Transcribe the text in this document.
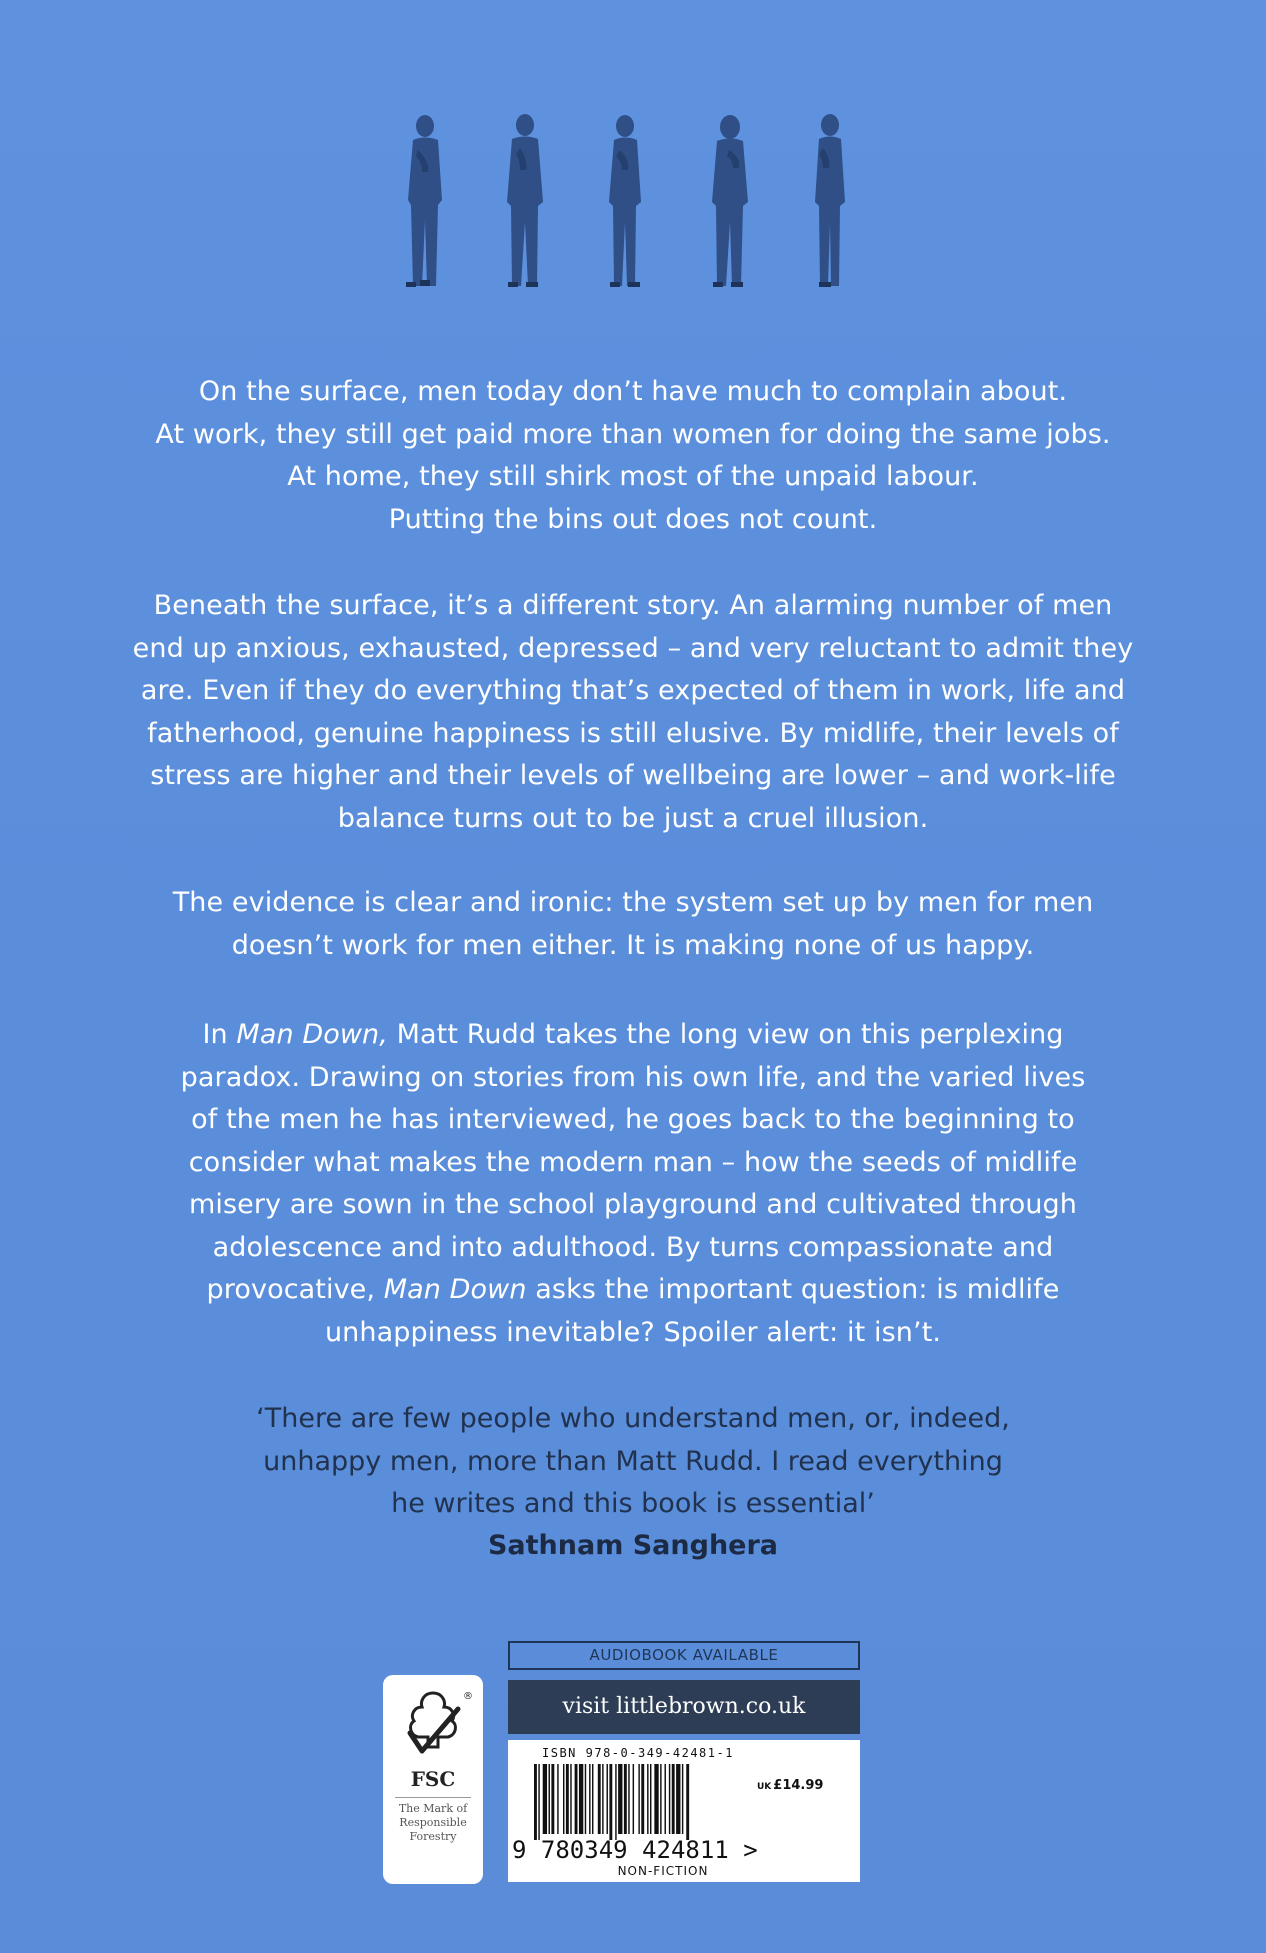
On the surface, men today don’t have much to complain about.
At work, they still get paid more than women for doing the same jobs.
At home, they still shirk most of the unpaid labour.
Putting the bins out does not count.
Beneath the surface, it’s a different story. An alarming number of men
end up anxious, exhausted, depressed – and very reluctant to admit they
are. Even if they do everything that’s expected of them in work, life and
fatherhood, genuine happiness is still elusive. By midlife, their levels of
stress are higher and their levels of wellbeing are lower – and work-life
balance turns out to be just a cruel illusion.
The evidence is clear and ironic: the system set up by men for men
doesn’t work for men either. It is making none of us happy.
In Man Down, Matt Rudd takes the long view on this perplexing
paradox. Drawing on stories from his own life, and the varied lives
of the men he has interviewed, he goes back to the beginning to
consider what makes the modern man – how the seeds of midlife
misery are sown in the school playground and cultivated through
adolescence and into adulthood. By turns compassionate and
provocative, Man Down asks the important question: is midlife
unhappiness inevitable? Spoiler alert: it isn’t.
‘There are few people who understand men, or, indeed,
unhappy men, more than Matt Rudd. I read everything
he writes and this book is essential’
Sathnam Sanghera
®
FSC
The Mark of
Responsible
Forestry
AUDIOBOOK AVAILABLE
visit littlebrown.co.uk
ISBN 978-0-349-42481-1
UK £14.99
9 780349 424811 >
NON-FICTION
